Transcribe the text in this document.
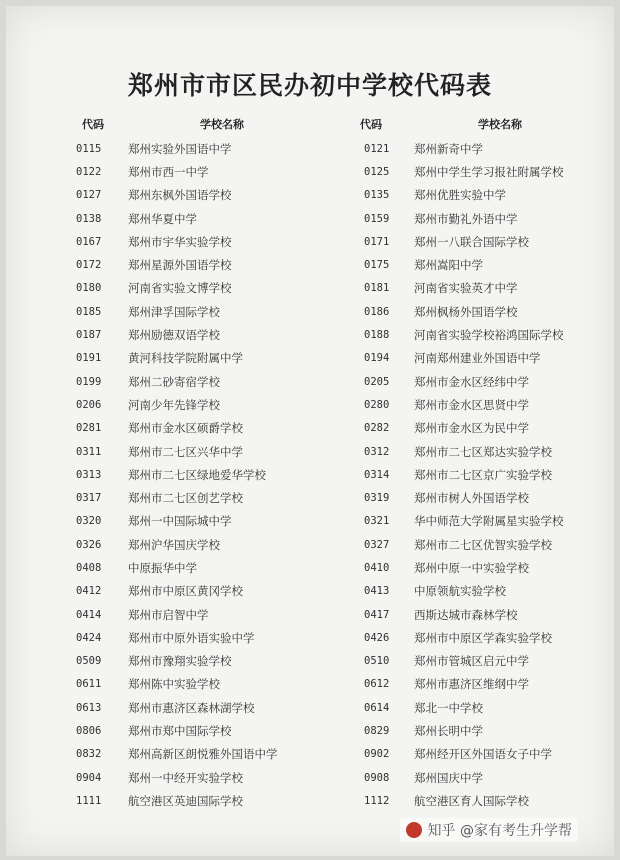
郑州市市区民办初中学校代码表
代码	学校名称
0115	郑州实验外国语中学
0122	郑州市西一中学
0127	郑州东枫外国语学校
0138	郑州华夏中学
0167	郑州市宇华实验学校
0172	郑州星源外国语学校
0180	河南省实验文博学校
0185	郑州津孚国际学校
0187	郑州励德双语学校
0191	黄河科技学院附属中学
0199	郑州二砂寄宿学校
0206	河南少年先锋学校
0281	郑州市金水区硕爵学校
0311	郑州市二七区兴华中学
0313	郑州市二七区绿地爱华学校
0317	郑州市二七区创艺学校
0320	郑州一中国际城中学
0326	郑州沪华国庆学校
0408	中原振华中学
0412	郑州市中原区黄冈学校
0414	郑州市启智中学
0424	郑州市中原外语实验中学
0509	郑州市豫翔实验学校
0611	郑州陈中实验学校
0613	郑州市惠济区森林湖学校
0806	郑州市郑中国际学校
0832	郑州高新区朗悦雅外国语中学
0904	郑州一中经开实验学校
1111	航空港区英迪国际学校
代码	学校名称
0121	郑州新奇中学
0125	郑州中学生学习报社附属学校
0135	郑州优胜实验中学
0159	郑州市勤礼外语中学
0171	郑州一八联合国际学校
0175	郑州嵩阳中学
0181	河南省实验英才中学
0186	郑州枫杨外国语学校
0188	河南省实验学校裕鸿国际学校
0194	河南郑州建业外国语中学
0205	郑州市金水区经纬中学
0280	郑州市金水区思贤中学
0282	郑州市金水区为民中学
0312	郑州市二七区郑达实验学校
0314	郑州市二七区京广实验学校
0319	郑州市树人外国语学校
0321	华中师范大学附属星实验学校
0327	郑州市二七区优智实验学校
0410	郑州中原一中实验学校
0413	中原领航实验学校
0417	西斯达城市森林学校
0426	郑州市中原区学森实验学校
0510	郑州市管城区启元中学
0612	郑州市惠济区维纲中学
0614	郑北一中学校
0829	郑州长明中学
0902	郑州经开区外国语女子中学
0908	郑州国庆中学
1112	航空港区育人国际学校
知乎 @家有考生升学帮
